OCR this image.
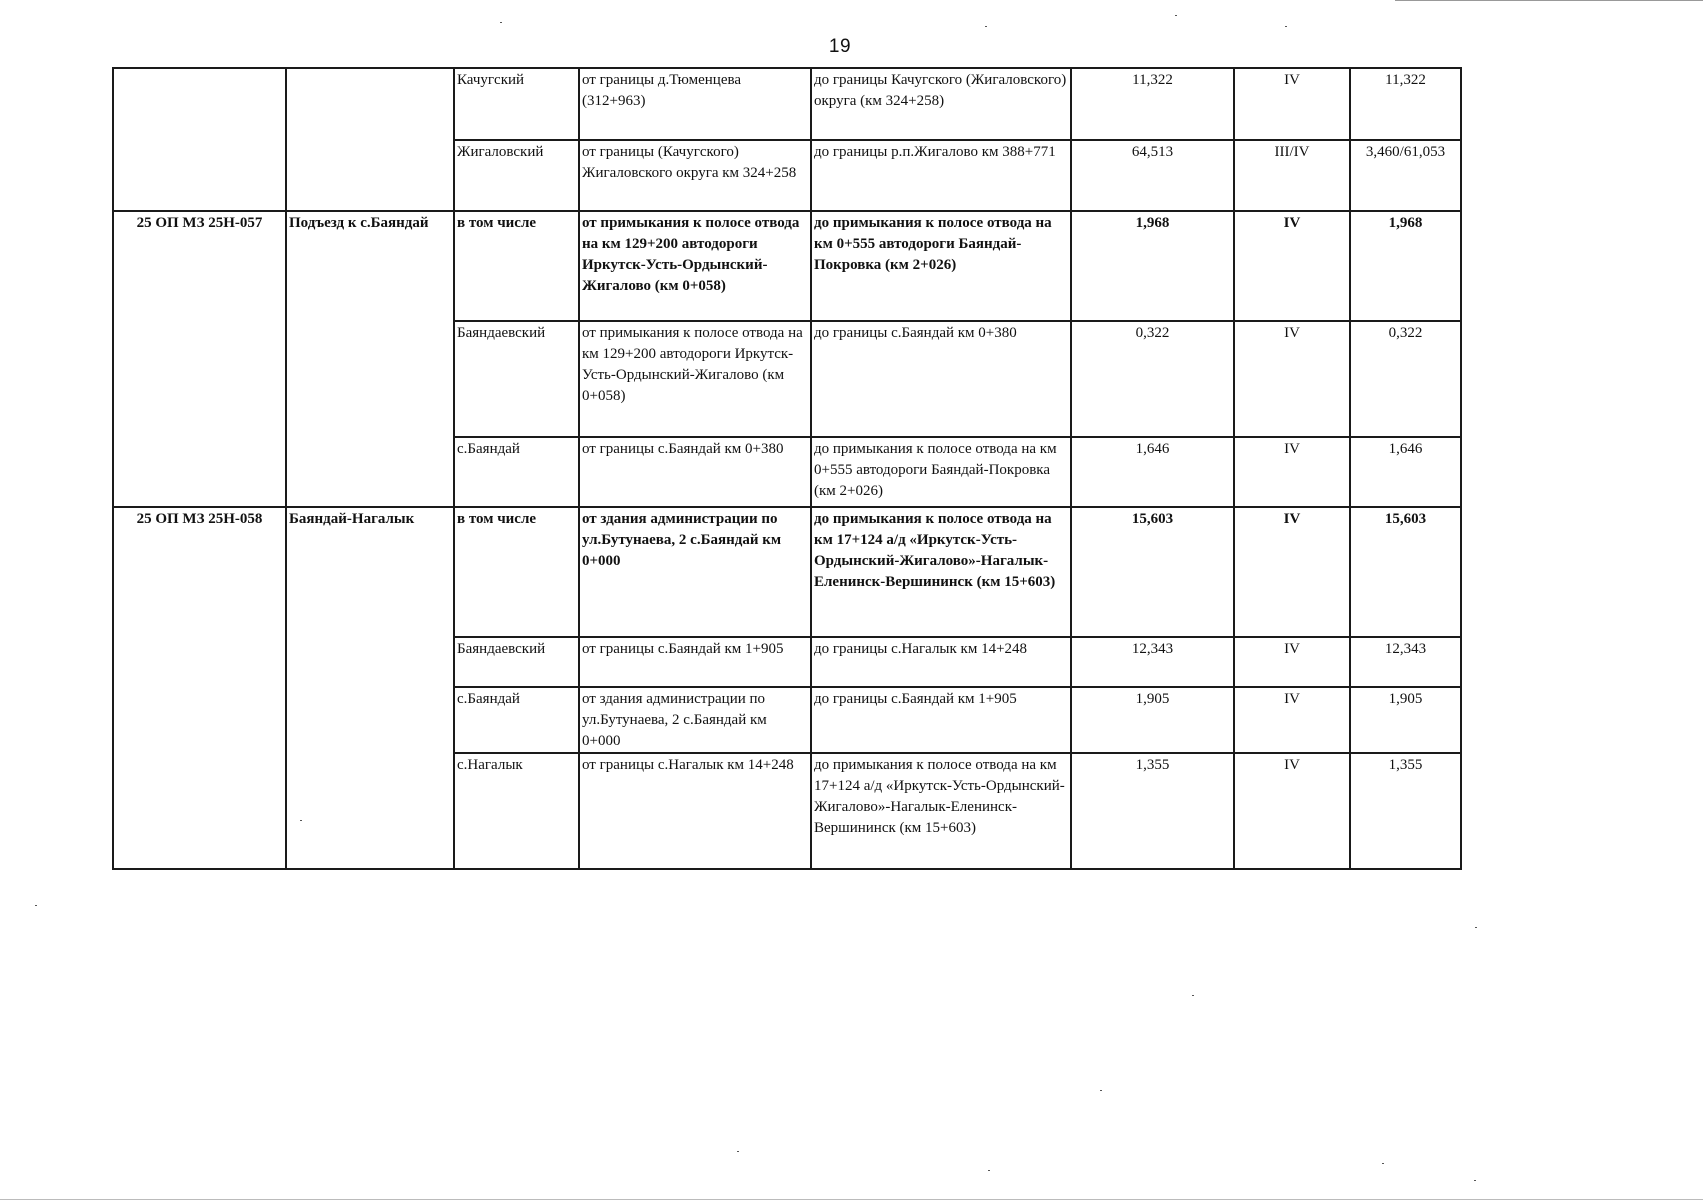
19
		Качугский	от границы д.Тюменцева (312+963)	до границы Качугского (Жигаловского) округа (км 324+258)	11,322	IV	11,322
		Жигаловский	от границы (Качугского) Жигаловского округа км 324+258	до границы р.п.Жигалово км 388+771	64,513	III/IV	3,460/61,053
25 ОП МЗ 25Н-057	Подъезд к с.Баяндай	в том числе	от примыкания к полосе отвода на км 129+200 автодороги Иркутск-Усть-Ордынский-Жигалово (км 0+058)	до примыкания к полосе отвода на км 0+555 автодороги Баяндай-Покровка (км 2+026)	1,968	IV	1,968
		Баяндаевский	от примыкания к полосе отвода на км 129+200 автодороги Иркутск-Усть-Ордынский-Жигалово (км 0+058)	до границы с.Баяндай км 0+380	0,322	IV	0,322
		с.Баяндай	от границы с.Баяндай км 0+380	до примыкания к полосе отвода на км 0+555 автодороги Баяндай-Покровка (км 2+026)	1,646	IV	1,646
25 ОП МЗ 25Н-058	Баяндай-Нагалык	в том числе	от здания администрации по ул.Бутунаева, 2 с.Баяндай км 0+000	до примыкания к полосе отвода на км 17+124 а/д «Иркутск-Усть-Ордынский-Жигалово»-Нагалык-Еленинск-Вершининск (км 15+603)	15,603	IV	15,603
		Баяндаевский	от границы с.Баяндай км 1+905	до границы с.Нагалык км 14+248	12,343	IV	12,343
		с.Баяндай	от здания администрации по ул.Бутунаева, 2 с.Баяндай км 0+000	до границы с.Баяндай км 1+905	1,905	IV	1,905
		с.Нагалык	от границы с.Нагалык км 14+248	до примыкания к полосе отвода на км 17+124 а/д «Иркутск-Усть-Ордынский-Жигалово»-Нагалык-Еленинск-Вершининск (км 15+603)	1,355	IV	1,355
